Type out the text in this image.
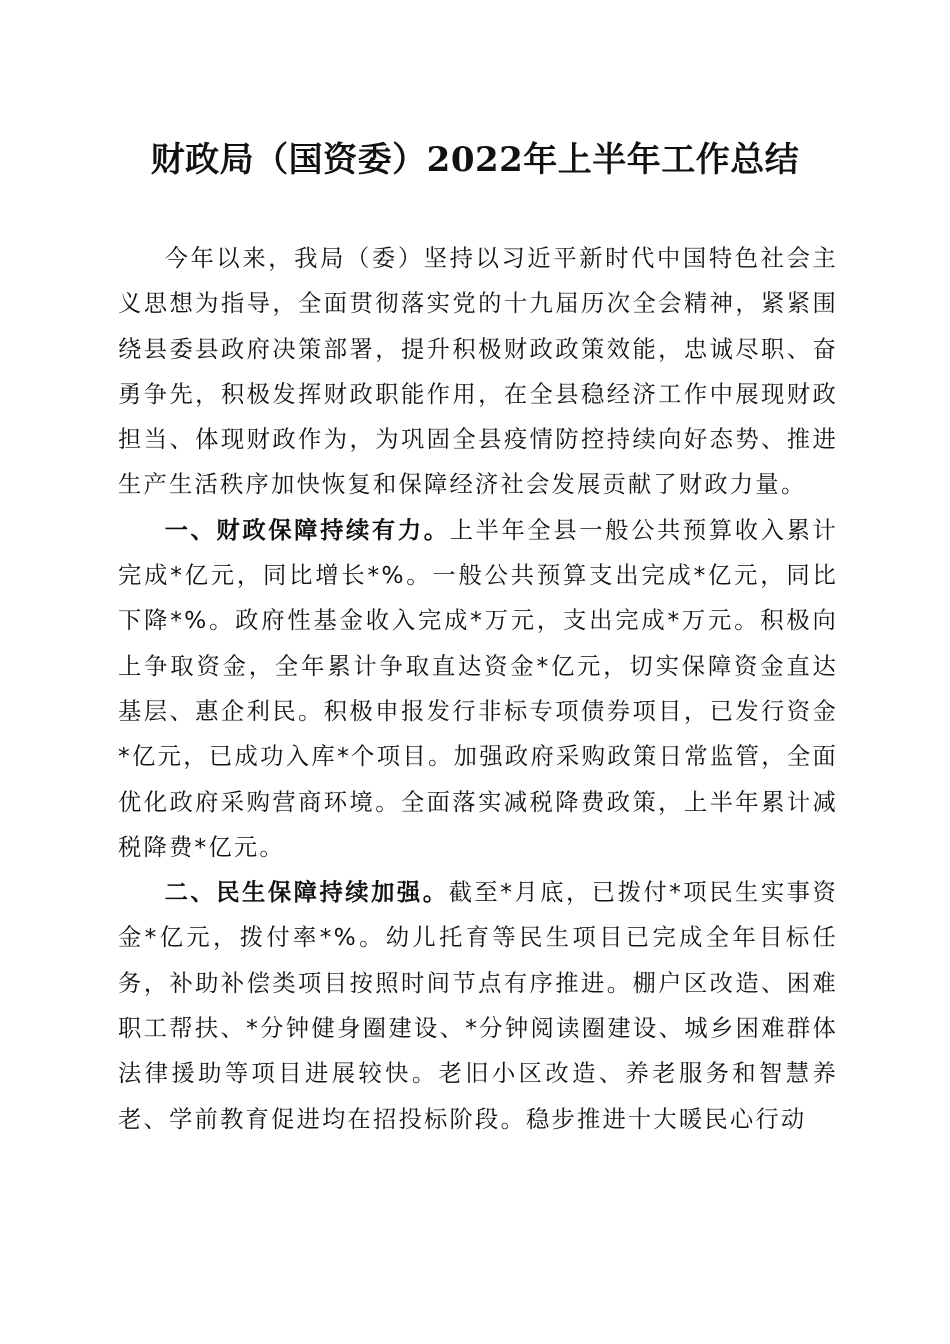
财政局（国资委）2022年上半年工作总结

今年以来，我局（委）坚持以习近平新时代中国特色社会主义思想为指导，全面贯彻落实党的十九届历次全会精神，紧紧围绕县委县政府决策部署，提升积极财政政策效能，忠诚尽职、奋勇争先，积极发挥财政职能作用，在全县稳经济工作中展现财政担当、体现财政作为，为巩固全县疫情防控持续向好态势、推进生产生活秩序加快恢复和保障经济社会发展贡献了财政力量。

一、财政保障持续有力。上半年全县一般公共预算收入累计完成*亿元，同比增长*%。一般公共预算支出完成*亿元，同比下降*%。政府性基金收入完成*万元，支出完成*万元。积极向上争取资金，全年累计争取直达资金*亿元，切实保障资金直达基层、惠企利民。积极申报发行非标专项债券项目，已发行资金*亿元，已成功入库*个项目。加强政府采购政策日常监管，全面优化政府采购营商环境。全面落实减税降费政策，上半年累计减税降费*亿元。

二、民生保障持续加强。截至*月底，已拨付*项民生实事资金*亿元，拨付率*%。幼儿托育等民生项目已完成全年目标任务，补助补偿类项目按照时间节点有序推进。棚户区改造、困难职工帮扶、*分钟健身圈建设、*分钟阅读圈建设、城乡困难群体法律援助等项目进展较快。老旧小区改造、养老服务和智慧养老、学前教育促进均在招投标阶段。稳步推进十大暖民心行动
